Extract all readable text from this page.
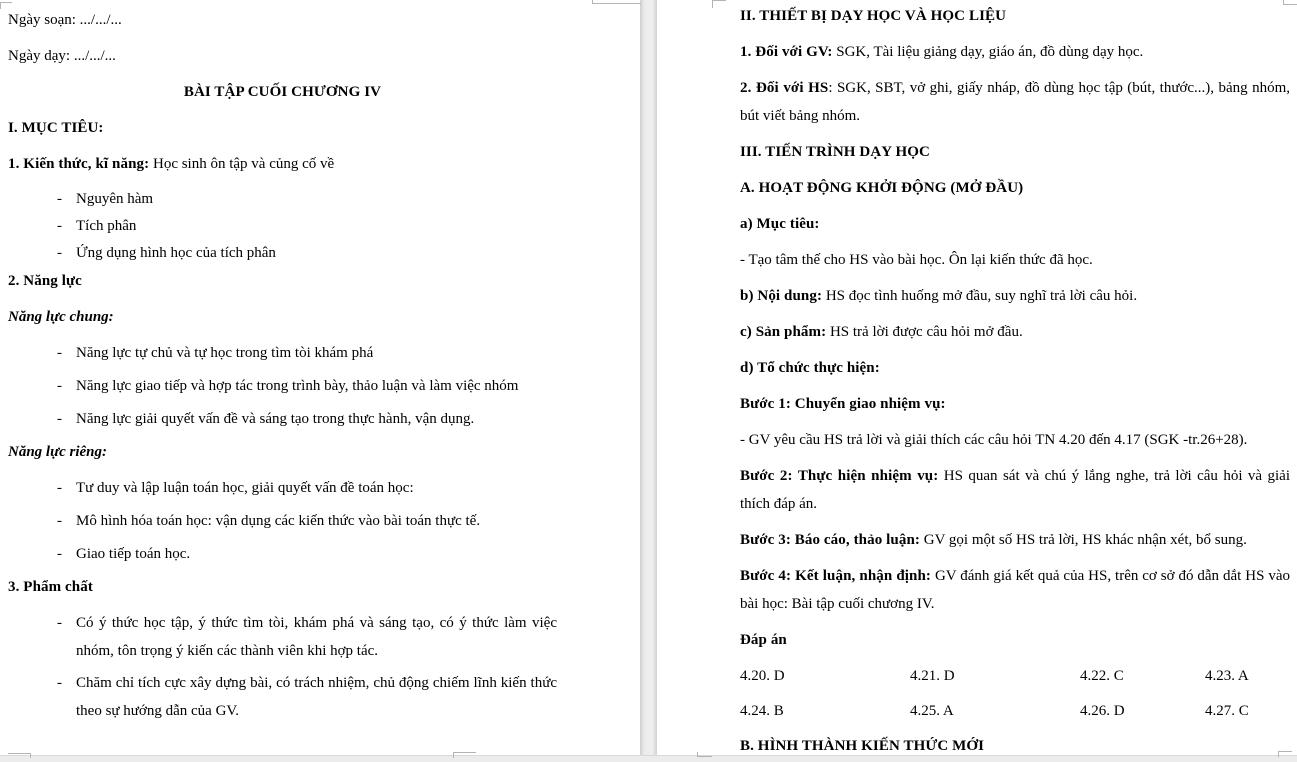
Ngày soạn: .../.../...
Ngày dạy: .../.../...
BÀI TẬP CUỐI CHƯƠNG IV
I. MỤC TIÊU:
1. Kiến thức, kĩ năng: Học sinh ôn tập và củng cố về
- Nguyên hàm
- Tích phân
- Ứng dụng hình học của tích phân
2. Năng lực
Năng lực chung:
- Năng lực tự chủ và tự học trong tìm tòi khám phá
- Năng lực giao tiếp và hợp tác trong trình bày, thảo luận và làm việc nhóm
- Năng lực giải quyết vấn đề và sáng tạo trong thực hành, vận dụng.
Năng lực riêng:
- Tư duy và lập luận toán học, giải quyết vấn đề toán học:
- Mô hình hóa toán học: vận dụng các kiến thức vào bài toán thực tế.
- Giao tiếp toán học.
3. Phẩm chất
- Có ý thức học tập, ý thức tìm tòi, khám phá và sáng tạo, có ý thức làm việc nhóm, tôn trọng ý kiến các thành viên khi hợp tác.
- Chăm chỉ tích cực xây dựng bài, có trách nhiệm, chủ động chiếm lĩnh kiến thức theo sự hướng dẫn của GV.
II. THIẾT BỊ DẠY HỌC VÀ HỌC LIỆU
1. Đối với GV: SGK, Tài liệu giảng dạy, giáo án, đồ dùng dạy học.
2. Đối với HS: SGK, SBT, vở ghi, giấy nháp, đồ dùng học tập (bút, thước...), bảng nhóm, bút viết bảng nhóm.
III. TIẾN TRÌNH DẠY HỌC
A. HOẠT ĐỘNG KHỞI ĐỘNG (MỞ ĐẦU)
a) Mục tiêu:
- Tạo tâm thế cho HS vào bài học. Ôn lại kiến thức đã học.
b) Nội dung: HS đọc tình huống mở đầu, suy nghĩ trả lời câu hỏi.
c) Sản phẩm: HS trả lời được câu hỏi mở đầu.
d) Tổ chức thực hiện:
Bước 1: Chuyển giao nhiệm vụ:
- GV yêu cầu HS trả lời và giải thích các câu hỏi TN 4.20 đến 4.17 (SGK -tr.26+28).
Bước 2: Thực hiện nhiệm vụ: HS quan sát và chú ý lắng nghe, trả lời câu hỏi và giải thích đáp án.
Bước 3: Báo cáo, thảo luận: GV gọi một số HS trả lời, HS khác nhận xét, bổ sung.
Bước 4: Kết luận, nhận định: GV đánh giá kết quả của HS, trên cơ sở đó dẫn dắt HS vào bài học: Bài tập cuối chương IV.
Đáp án
4.20. D	4.21. D	4.22. C	4.23. A
4.24. B	4.25. A	4.26. D	4.27. C
B. HÌNH THÀNH KIẾN THỨC MỚI
